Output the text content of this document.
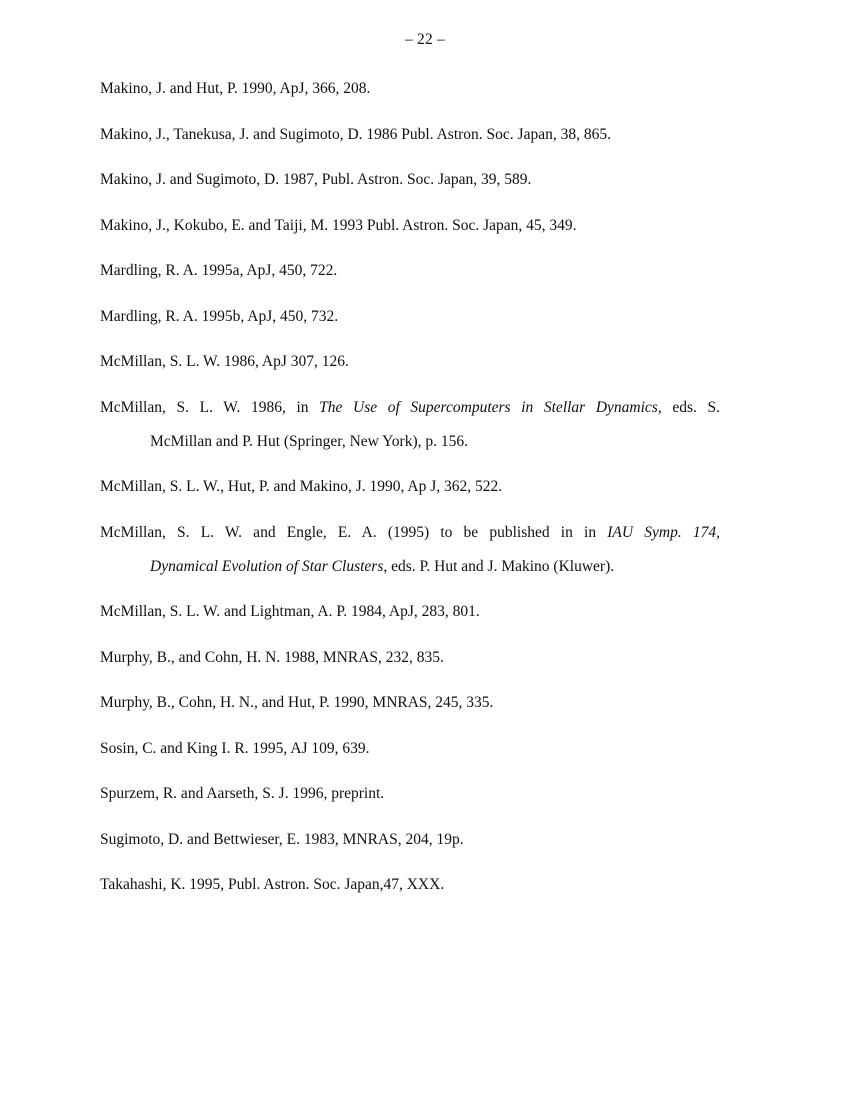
– 22 –
Makino, J. and Hut, P. 1990, ApJ, 366, 208.
Makino, J., Tanekusa, J. and Sugimoto, D. 1986 Publ. Astron. Soc. Japan, 38, 865.
Makino, J. and Sugimoto, D. 1987, Publ. Astron. Soc. Japan, 39, 589.
Makino, J., Kokubo, E. and Taiji, M. 1993 Publ. Astron. Soc. Japan, 45, 349.
Mardling, R. A. 1995a, ApJ, 450, 722.
Mardling, R. A. 1995b, ApJ, 450, 732.
McMillan, S. L. W. 1986, ApJ 307, 126.
McMillan, S. L. W. 1986, in The Use of Supercomputers in Stellar Dynamics, eds. S.
McMillan and P. Hut (Springer, New York), p. 156.
McMillan, S. L. W., Hut, P. and Makino, J. 1990, Ap J, 362, 522.
McMillan, S. L. W. and Engle, E. A. (1995) to be published in in IAU Symp. 174,
Dynamical Evolution of Star Clusters, eds. P. Hut and J. Makino (Kluwer).
McMillan, S. L. W. and Lightman, A. P. 1984, ApJ, 283, 801.
Murphy, B., and Cohn, H. N. 1988, MNRAS, 232, 835.
Murphy, B., Cohn, H. N., and Hut, P. 1990, MNRAS, 245, 335.
Sosin, C. and King I. R. 1995, AJ 109, 639.
Spurzem, R. and Aarseth, S. J. 1996, preprint.
Sugimoto, D. and Bettwieser, E. 1983, MNRAS, 204, 19p.
Takahashi, K. 1995, Publ. Astron. Soc. Japan,47, XXX.
